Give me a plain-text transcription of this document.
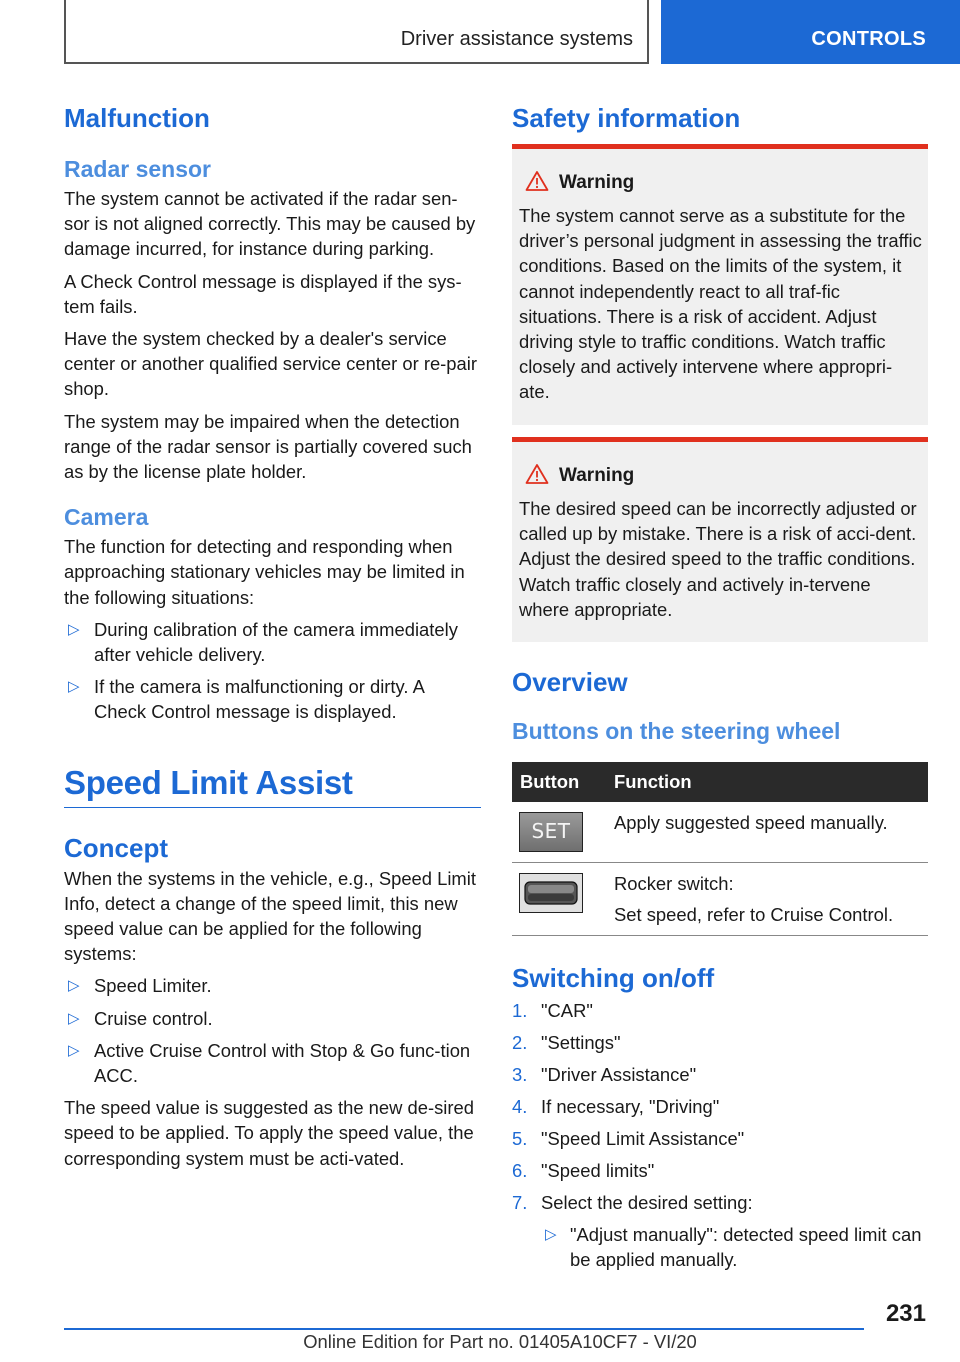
Driver assistance systems	CONTROLS
Malfunction
Radar sensor

The system cannot be activated if the radar sen-sor is not aligned correctly. This may be caused by damage incurred, for instance during parking.

A Check Control message is displayed if the sys-tem fails.

Have the system checked by a dealer's service center or another qualified service center or re-pair shop.

The system may be impaired when the detection range of the radar sensor is partially covered such as by the license plate holder.

Camera

The function for detecting and responding when approaching stationary vehicles may be limited in the following situations:

▷ During calibration of the camera immediately after vehicle delivery.
▷ If the camera is malfunctioning or dirty. A Check Control message is displayed.
Speed Limit Assist
Concept

When the systems in the vehicle, e.g., Speed Limit Info, detect a change of the speed limit, this new speed value can be applied for the following systems:

▷ Speed Limiter.
▷ Cruise control.
▷ Active Cruise Control with Stop & Go func-tion ACC.

The speed value is suggested as the new de-sired speed to be applied. To apply the speed value, the corresponding system must be acti-vated.

Safety information
Warning

The system cannot serve as a substitute for the driver’s personal judgment in assessing the traffic conditions. Based on the limits of the system, it cannot independently react to all traf-fic situations. There is a risk of accident. Adjust driving style to traffic conditions. Watch traffic closely and actively intervene where appropri-ate.

Warning

The desired speed can be incorrectly adjusted or called up by mistake. There is a risk of acci-dent. Adjust the desired speed to the traffic conditions. Watch traffic closely and actively in-tervene where appropriate.

Overview
Buttons on the steering wheel
Button	Function

SET	Apply suggested speed manually.

Rocker switch:
Set speed, refer to Cruise Control.
Switching on/off
1. "CAR"
2. "Settings"
3. "Driver Assistance"
4. If necessary, "Driving"
5. "Speed Limit Assistance"
6. "Speed limits"
7. Select the desired setting:
▷ "Adjust manually": detected speed limit can be applied manually.
231
Online Edition for Part no. 01405A10CF7 - VI/20
